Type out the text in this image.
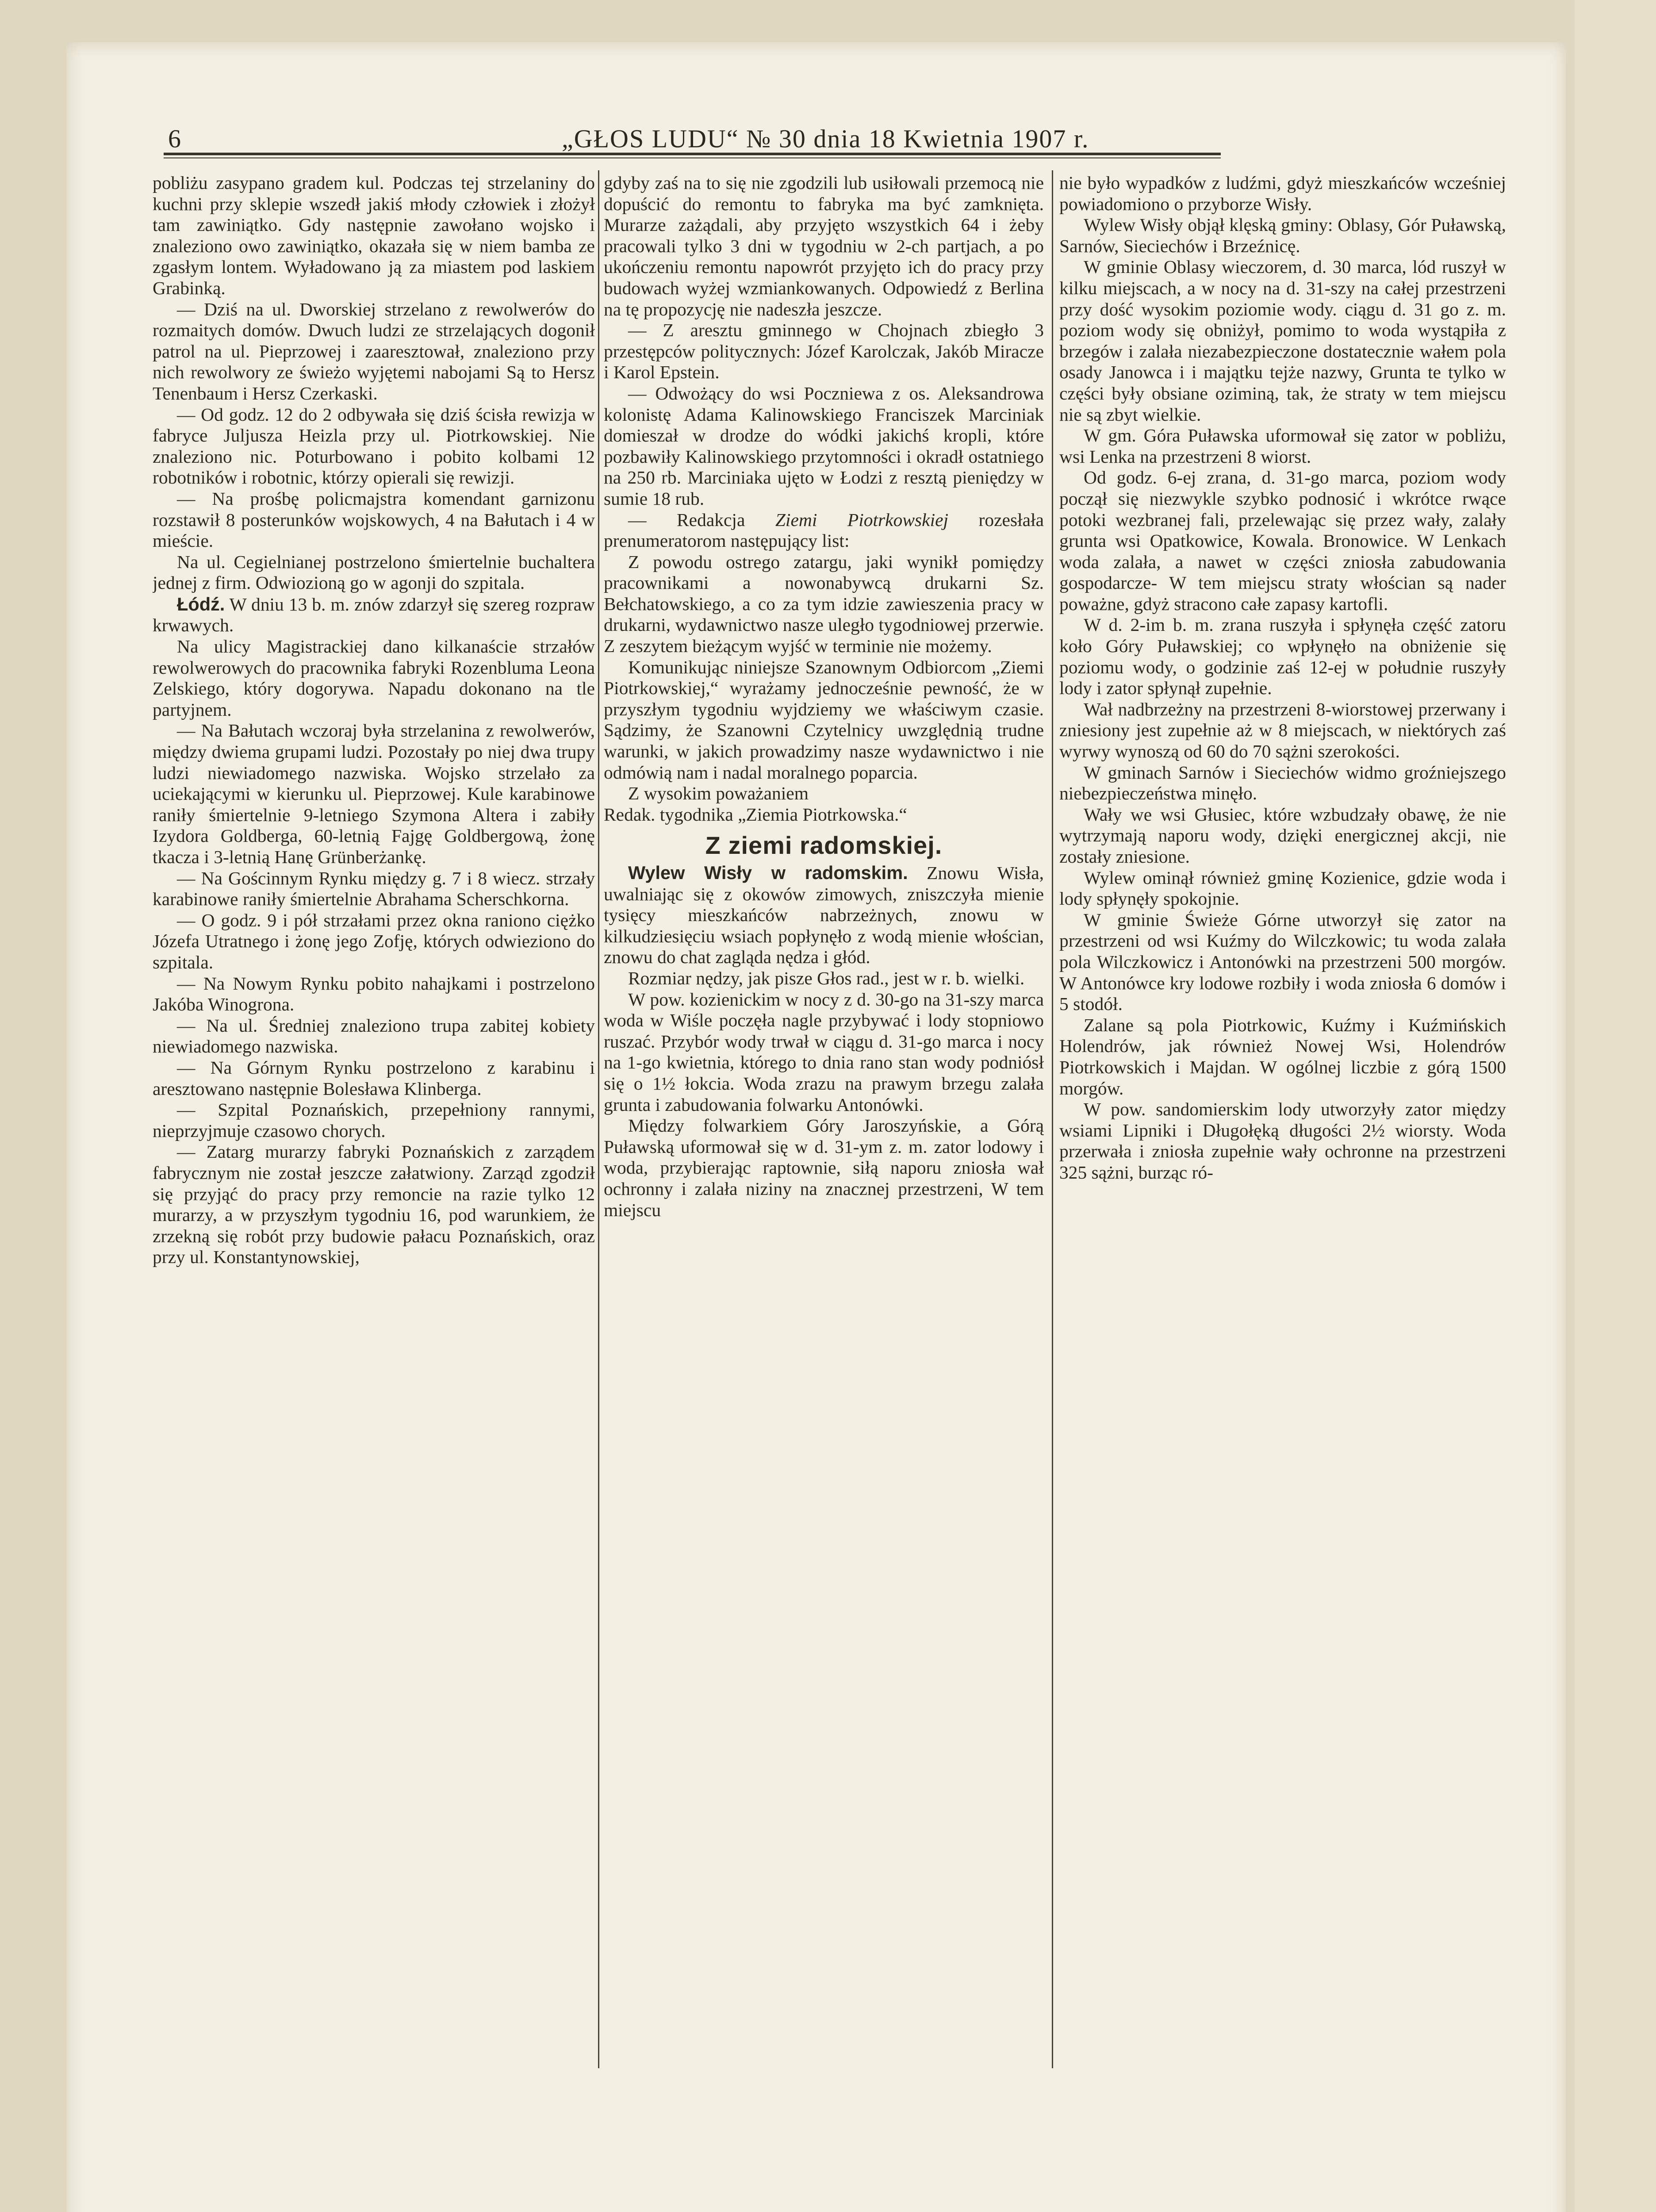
6	„GŁOS LUDU“ № 30 dnia 18 Kwietnia 1907 r.

pobliżu zasypano gradem kul. Podczas tej strzelaniny do kuchni przy sklepie wszedł jakiś młody człowiek i złożył tam zawiniątko. Gdy następnie zawołano wojsko i znaleziono owo zawiniątko, okazała się w niem bamba ze zgasłym lontem. Wyładowano ją za miastem pod laskiem Grabinką.

— Dziś na ul. Dworskiej strzelano z rewolwerów do rozmaitych domów. Dwuch ludzi ze strzelających dogonił patrol na ul. Pieprzowej i zaaresztował, znaleziono przy nich rewolwory ze świeżo wyjętemi nabojami Są to Hersz Tenenbaum i Hersz Czerkaski.

— Od godz. 12 do 2 odbywała się dziś ścisła rewizja w fabryce Juljusza Heizla przy ul. Piotrkowskiej. Nie znaleziono nic. Poturbowano i pobito kolbami 12 robotników i robotnic, którzy opierali się rewizji.

— Na prośbę policmajstra komendant garnizonu rozstawił 8 posterunków wojskowych, 4 na Bałutach i 4 w mieście.

Na ul. Cegielnianej postrzelono śmiertelnie buchaltera jednej z firm. Odwiozioną go w agonji do szpitala.

Łódź. W dniu 13 b. m. znów zdarzył się szereg rozpraw krwawych.

Na ulicy Magistrackiej dano kilkanaście strzałów rewolwerowych do pracownika fabryki Rozenbluma Leona Zelskiego, który dogorywa. Napadu dokonano na tle partyjnem.

— Na Bałutach wczoraj była strzelanina z rewolwerów, między dwiema grupami ludzi. Pozostały po niej dwa trupy ludzi niewiadomego nazwiska. Wojsko strzelało za uciekającymi w kierunku ul. Pieprzowej. Kule karabinowe raniły śmiertelnie 9-letniego Szymona Altera i zabiły Izydora Goldberga, 60-letnią Fajgę Goldbergową, żonę tkacza i 3-letnią Hanę Grünberżankę.

— Na Gościnnym Rynku między g. 7 i 8 wiecz. strzały karabinowe raniły śmiertelnie Abrahama Scherschkorna.

— O godz. 9 i pół strzałami przez okna raniono ciężko Józefa Utratnego i żonę jego Zofję, których odwieziono do szpitala.

— Na Nowym Rynku pobito nahajkami i postrzelono Jakóba Winogrona.

— Na ul. Średniej znaleziono trupa zabitej kobiety niewiadomego nazwiska.

— Na Górnym Rynku postrzelono z karabinu i aresztowano następnie Bolesława Klinberga.

— Szpital Poznańskich, przepełniony rannymi, nieprzyjmuje czasowo chorych.

— Zatarg murarzy fabryki Poznańskich z zarządem fabrycznym nie został jeszcze załatwiony. Zarząd zgodził się przyjąć do pracy przy remoncie na razie tylko 12 murarzy, a w przyszłym tygodniu 16, pod warunkiem, że zrzekną się robót przy budowie pałacu Poznańskich, oraz przy ul. Konstantynowskiej,

gdyby zaś na to się nie zgodzili lub usiłowali przemocą nie dopuścić do remontu to fabryka ma być zamknięta. Murarze zażądali, aby przyjęto wszystkich 64 i żeby pracowali tylko 3 dni w tygodniu w 2-ch partjach, a po ukończeniu remontu napowrót przyjęto ich do pracy przy budowach wyżej wzmiankowanych. Odpowiedź z Berlina na tę propozycję nie nadeszła jeszcze.

— Z aresztu gminnego w Chojnach zbiegło 3 przestępców politycznych: Józef Karolczak, Jakób Miracze i Karol Epstein.

— Odwożący do wsi Poczniewa z os. Aleksandrowa kolonistę Adama Kalinowskiego Franciszek Marciniak domieszał w drodze do wódki jakichś kropli, które pozbawiły Kalinowskiego przytomności i okradł ostatniego na 250 rb. Marciniaka ujęto w Łodzi z resztą pieniędzy w sumie 18 rub.

— Redakcja Ziemi Piotrkowskiej rozesłała prenumeratorom następujący list:

Z powodu ostrego zatargu, jaki wynikł pomiędzy pracownikami a nowonabywcą drukarni Sz. Bełchatowskiego, a co za tym idzie zawieszenia pracy w drukarni, wydawnictwo nasze uległo tygodniowej przerwie. Z zeszytem bieżącym wyjść w terminie nie możemy.

Komunikując niniejsze Szanownym Odbiorcom „Ziemi Piotrkowskiej,“ wyrażamy jednocześnie pewność, że w przyszłym tygodniu wyjdziemy we właściwym czasie. Sądzimy, że Szanowni Czytelnicy uwzględnią trudne warunki, w jakich prowadzimy nasze wydawnictwo i nie odmówią nam i nadal moralnego poparcia.

Z wysokim poważaniem

Redak. tygodnika „Ziemia Piotrkowska.“

Z ziemi radomskiej.

Wylew Wisły w radomskim. Znowu Wisła, uwalniając się z okowów zimowych, zniszczyła mienie tysięcy mieszkańców nabrzeżnych, znowu w kilkudziesięciu wsiach popłynęło z wodą mienie włościan, znowu do chat zagląda nędza i głód.

Rozmiar nędzy, jak pisze Głos rad., jest w r. b. wielki.

W pow. kozienickim w nocy z d. 30-go na 31-szy marca woda w Wiśle poczęła nagle przybywać i lody stopniowo ruszać. Przybór wody trwał w ciągu d. 31-go marca i nocy na 1-go kwietnia, którego to dnia rano stan wody podniósł się o 1½ łokcia. Woda zrazu na prawym brzegu zalała grunta i zabudowania folwarku Antonówki.

Między folwarkiem Góry Jaroszyńskie, a Górą Puławską uformował się w d. 31-ym z. m. zator lodowy i woda, przybierając raptownie, siłą naporu zniosła wał ochronny i zalała niziny na znacznej przestrzeni, W tem miejscu

nie było wypadków z ludźmi, gdyż mieszkańców wcześniej powiadomiono o przyborze Wisły.

Wylew Wisły objął klęską gminy: Oblasy, Gór Puławską, Sarnów, Sieciechów i Brzeźnicę.

W gminie Oblasy wieczorem, d. 30 marca, lód ruszył w kilku miejscach, a w nocy na d. 31-szy na całej przestrzeni przy dość wysokim poziomie wody. ciągu d. 31 go z. m. poziom wody się obniżył, pomimo to woda wystąpiła z brzegów i zalała niezabezpieczone dostatecznie wałem pola osady Janowca i i majątku tejże nazwy, Grunta te tylko w części były obsiane oziminą, tak, że straty w tem miejscu nie są zbyt wielkie.

W gm. Góra Puławska uformował się zator w pobliżu, wsi Lenka na przestrzeni 8 wiorst.

Od godz. 6-ej zrana, d. 31-go marca, poziom wody począł się niezwykle szybko podnosić i wkrótce rwące potoki wezbranej fali, przelewając się przez wały, zalały grunta wsi Opatkowice, Kowala. Bronowice. W Lenkach woda zalała, a nawet w części zniosła zabudowania gospodarcze- W tem miejscu straty włościan są nader poważne, gdyż stracono całe zapasy kartofli.

W d. 2-im b. m. zrana ruszyła i spłynęła część zatoru koło Góry Puławskiej; co wpłynęło na obniżenie się poziomu wody, o godzinie zaś 12-ej w południe ruszyły lody i zator spłynął zupełnie.

Wał nadbrzeżny na przestrzeni 8-wiorstowej przerwany i zniesiony jest zupełnie aż w 8 miejscach, w niektórych zaś wyrwy wynoszą od 60 do 70 sążni szerokości.

W gminach Sarnów i Sieciechów widmo groźniejszego niebezpieczeństwa minęło.

Wały we wsi Głusiec, które wzbudzały obawę, że nie wytrzymają naporu wody, dzięki energicznej akcji, nie zostały zniesione.

Wylew ominął również gminę Kozienice, gdzie woda i lody spłynęły spokojnie.

W gminie Świeże Górne utworzył się zator na przestrzeni od wsi Kuźmy do Wilczkowic; tu woda zalała pola Wilczkowicz i Antonówki na przestrzeni 500 morgów. W Antonówce kry lodowe rozbiły i woda zniosła 6 domów i 5 stodół.

Zalane są pola Piotrkowic, Kuźmy i Kuźmińskich Holendrów, jak również Nowej Wsi, Holendrów Piotrkowskich i Majdan. W ogólnej liczbie z górą 1500 morgów.

W pow. sandomierskim lody utworzyły zator między wsiami Lipniki i Długołęką długości 2½ wiorsty. Woda przerwała i zniosła zupełnie wały ochronne na przestrzeni 325 sążni, burząc ró-
